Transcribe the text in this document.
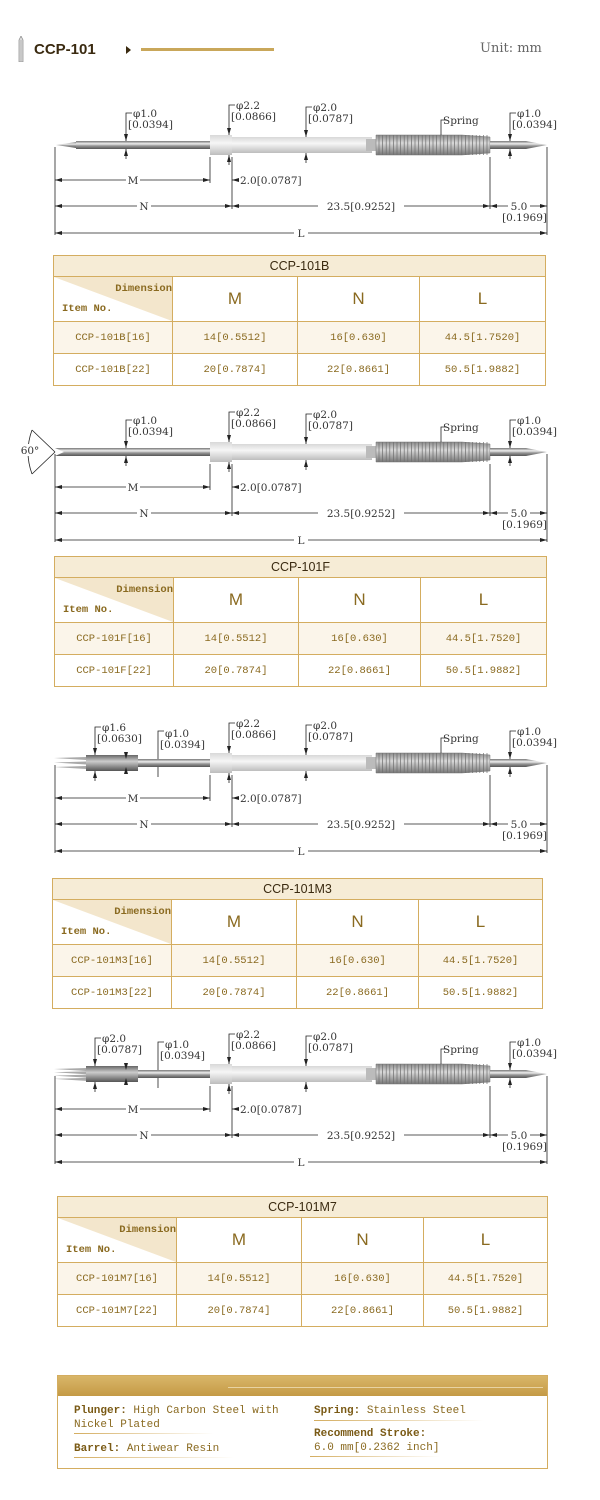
CCP-101	Unit: mm
M	2.0[0.0787]
N	23.5[0.9252]	5.0
[0.1969]
L
φ1.0
[0.0394]
φ2.2
[0.0866]
φ2.0
[0.0787]	Spring
φ1.0
[0.0394]
M	2.0[0.0787]
N	23.5[0.9252]	5.0
[0.1969]
L
φ1.0
[0.0394]
φ2.2
[0.0866]
φ2.0
[0.0787]	Spring
φ1.0
[0.0394]
60°
M	2.0[0.0787]
N	23.5[0.9252]	5.0
[0.1969]
L
φ1.0
[0.0394]
φ2.2
[0.0866]
φ2.0
[0.0787]	Spring
φ1.0
[0.0394]
φ1.6
[0.0630]
M	2.0[0.0787]
N	23.5[0.9252]	5.0
[0.1969]
L
φ1.0
[0.0394]
φ2.2
[0.0866]
φ2.0
[0.0787]	Spring
φ1.0
[0.0394]
φ2.0
[0.0787]
CCP-101B			

Dimension
Item No.	M	N	L
CCP-101B[16]	14[0.5512]	16[0.630]	44.5[1.7520]
CCP-101B[22]	20[0.7874]	22[0.8661]	50.5[1.9882]
CCP-101F			

Dimension
Item No.	M	N	L
CCP-101F[16]	14[0.5512]	16[0.630]	44.5[1.7520]
CCP-101F[22]	20[0.7874]	22[0.8661]	50.5[1.9882]
CCP-101M3			

Dimension
Item No.	M	N	L
CCP-101M3[16]	14[0.5512]	16[0.630]	44.5[1.7520]
CCP-101M3[22]	20[0.7874]	22[0.8661]	50.5[1.9882]
CCP-101M7			

Dimension
Item No.	M	N	L
CCP-101M7[16]	14[0.5512]	16[0.630]	44.5[1.7520]
CCP-101M7[22]	20[0.7874]	22[0.8661]	50.5[1.9882]
Plunger: High Carbon Steel with
Nickel Plated
Barrel: Antiwear Resin
Spring: Stainless Steel
Recommend Stroke:
6.0 mm[0.2362 inch]
